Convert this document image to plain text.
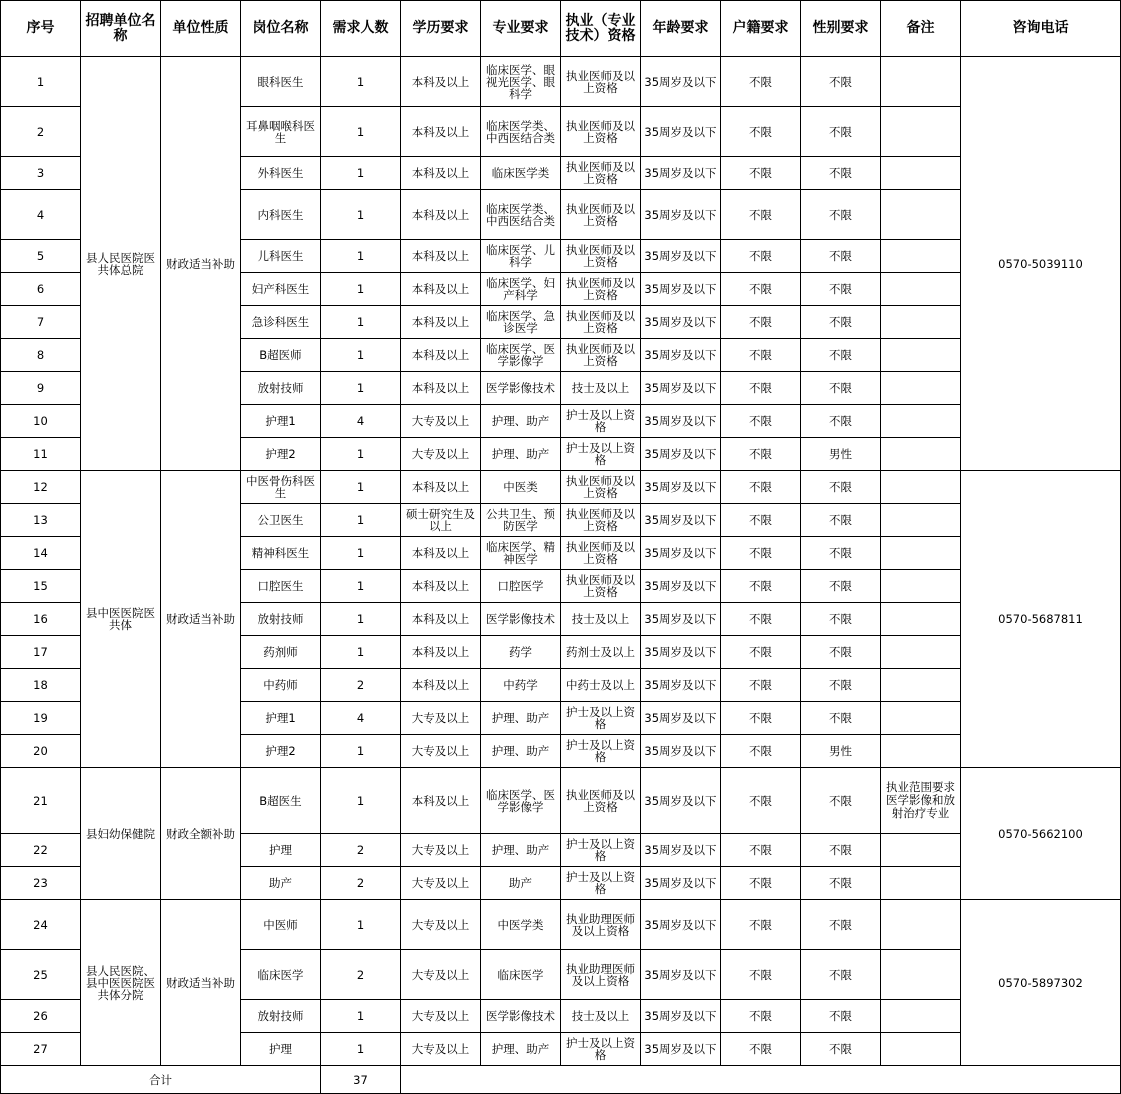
序号	招聘单位名称	单位性质	岗位名称	需求人数	学历要求	专业要求	执业（专业技术）资格	年龄要求	户籍要求	性别要求	备注	咨询电话
1	县人民医院医共体总院	财政适当补助	眼科医生	1	本科及以上	临床医学、眼视光医学、眼科学	执业医师及以上资格	35周岁及以下	不限	不限		0570-5039110
2			耳鼻咽喉科医生	1	本科及以上	临床医学类、中西医结合类	执业医师及以上资格	35周岁及以下	不限	不限		
3			外科医生	1	本科及以上	临床医学类	执业医师及以上资格	35周岁及以下	不限	不限		
4			内科医生	1	本科及以上	临床医学类、中西医结合类	执业医师及以上资格	35周岁及以下	不限	不限		
5			儿科医生	1	本科及以上	临床医学、儿科学	执业医师及以上资格	35周岁及以下	不限	不限		
6			妇产科医生	1	本科及以上	临床医学、妇产科学	执业医师及以上资格	35周岁及以下	不限	不限		
7			急诊科医生	1	本科及以上	临床医学、急诊医学	执业医师及以上资格	35周岁及以下	不限	不限		
8			B超医师	1	本科及以上	临床医学、医学影像学	执业医师及以上资格	35周岁及以下	不限	不限		
9			放射技师	1	本科及以上	医学影像技术	技士及以上	35周岁及以下	不限	不限		
10			护理1	4	大专及以上	护理、助产	护士及以上资格	35周岁及以下	不限	不限		
11			护理2	1	大专及以上	护理、助产	护士及以上资格	35周岁及以下	不限	男性		
12	县中医医院医共体	财政适当补助	中医骨伤科医生	1	本科及以上	中医类	执业医师及以上资格	35周岁及以下	不限	不限		0570-5687811
13			公卫医生	1	硕士研究生及以上	公共卫生、预防医学	执业医师及以上资格	35周岁及以下	不限	不限		
14			精神科医生	1	本科及以上	临床医学、精神医学	执业医师及以上资格	35周岁及以下	不限	不限		
15			口腔医生	1	本科及以上	口腔医学	执业医师及以上资格	35周岁及以下	不限	不限		
16			放射技师	1	本科及以上	医学影像技术	技士及以上	35周岁及以下	不限	不限		
17			药剂师	1	本科及以上	药学	药剂士及以上	35周岁及以下	不限	不限		
18			中药师	2	本科及以上	中药学	中药士及以上	35周岁及以下	不限	不限		
19			护理1	4	大专及以上	护理、助产	护士及以上资格	35周岁及以下	不限	不限		
20			护理2	1	大专及以上	护理、助产	护士及以上资格	35周岁及以下	不限	男性		
21	县妇幼保健院	财政全额补助	B超医生	1	本科及以上	临床医学、医学影像学	执业医师及以上资格	35周岁及以下	不限	不限	执业范围要求医学影像和放射治疗专业	0570-5662100
22			护理	2	大专及以上	护理、助产	护士及以上资格	35周岁及以下	不限	不限		
23			助产	2	大专及以上	助产	护士及以上资格	35周岁及以下	不限	不限		
24	县人民医院、县中医医院医共体分院	财政适当补助	中医师	1	大专及以上	中医学类	执业助理医师及以上资格	35周岁及以下	不限	不限		0570-5897302
25			临床医学	2	大专及以上	临床医学	执业助理医师及以上资格	35周岁及以下	不限	不限		
26			放射技师	1	大专及以上	医学影像技术	技士及以上	35周岁及以下	不限	不限		
27			护理	1	大专及以上	护理、助产	护士及以上资格	35周岁及以下	不限	不限		
合计				37								
